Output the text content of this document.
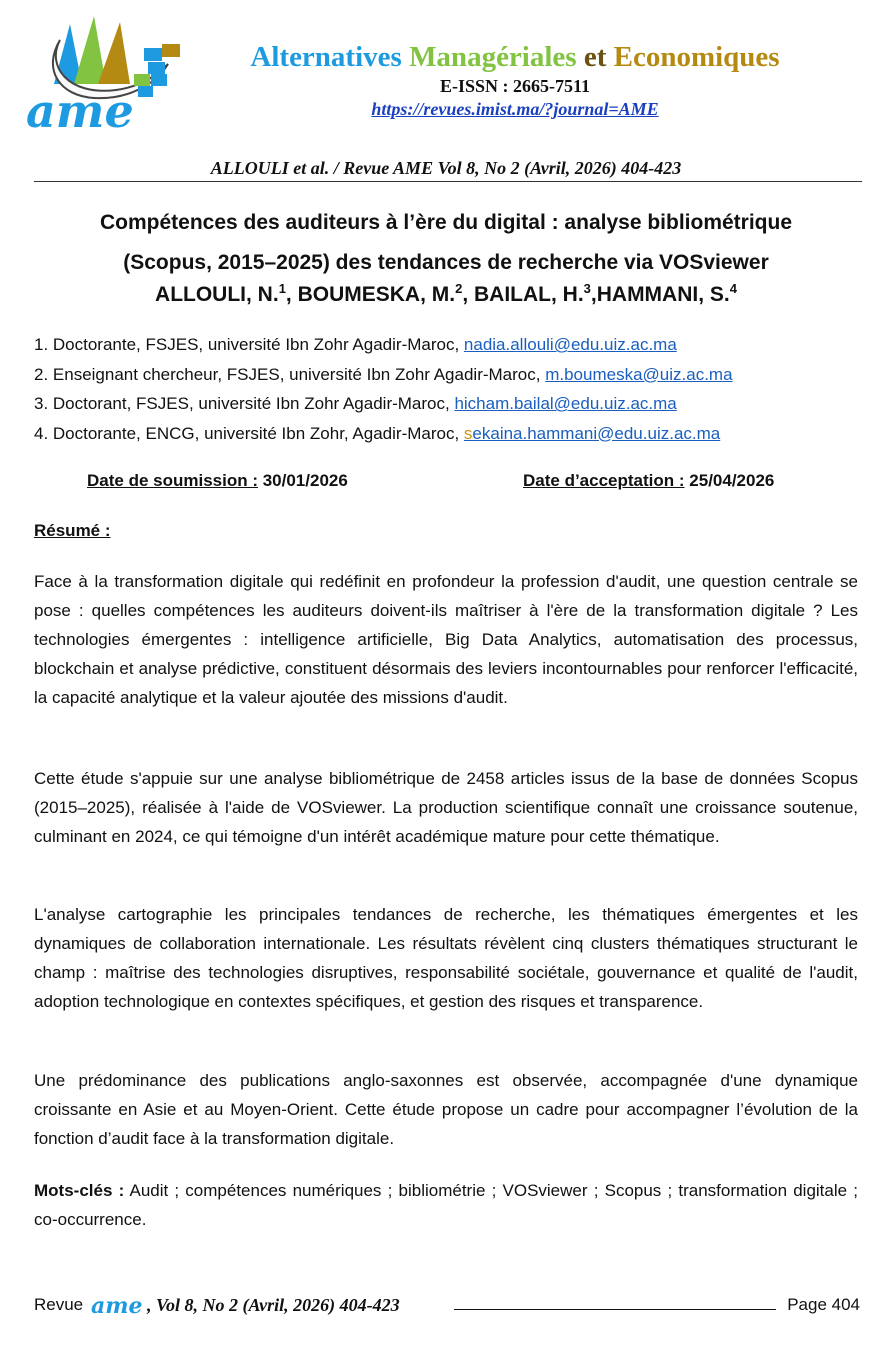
ame
Alternatives Managériales et Economiques
E-ISSN : 2665-7511
https://revues.imist.ma/?journal=AME
ALLOULI et al. / Revue AME Vol 8, No 2 (Avril, 2026) 404-423
Compétences des auditeurs à l’ère du digital : analyse bibliométrique
(Scopus, 2015–2025) des tendances de recherche via VOSviewer
ALLOULI, N.$^1$, BOUMESKA, M.$^2$, BAILAL, H.$^3$,HAMMANI, S.$^4$
1. Doctorante, FSJES, université Ibn Zohr Agadir-Maroc, nadia.allouli@edu.uiz.ac.ma
2. Enseignant chercheur, FSJES, université Ibn Zohr Agadir-Maroc, m.boumeska@uiz.ac.ma
3. Doctorant, FSJES, université Ibn Zohr Agadir-Maroc, hicham.bailal@edu.uiz.ac.ma
4. Doctorante, ENCG, université Ibn Zohr, Agadir-Maroc, sekaina.hammani@edu.uiz.ac.ma
Date de soumission : 30/01/2026	Date d’acceptation : 25/04/2026
Résumé :

Face à la transformation digitale qui redéfinit en profondeur la profession d'audit, une question centrale se pose : quelles compétences les auditeurs doivent-ils maîtriser à l'ère de la transformation digitale ? Les technologies émergentes : intelligence artificielle, Big Data Analytics, automatisation des processus, blockchain et analyse prédictive, constituent désormais des leviers incontournables pour renforcer l'efficacité, la capacité analytique et la valeur ajoutée des missions d'audit.

Cette étude s'appuie sur une analyse bibliométrique de 2458 articles issus de la base de données Scopus (2015–2025), réalisée à l'aide de VOSviewer. La production scientifique connaît une croissance soutenue, culminant en 2024, ce qui témoigne d'un intérêt académique mature pour cette thématique.

L'analyse cartographie les principales tendances de recherche, les thématiques émergentes et les dynamiques de collaboration internationale. Les résultats révèlent cinq clusters thématiques structurant le champ : maîtrise des technologies disruptives, responsabilité sociétale, gouvernance et qualité de l'audit, adoption technologique en contextes spécifiques, et gestion des risques et transparence.

Une prédominance des publications anglo-saxonnes est observée, accompagnée d'une dynamique croissante en Asie et au Moyen-Orient. Cette étude propose un cadre pour accompagner l’évolution de la fonction d’audit face à la transformation digitale.

Mots-clés : Audit ; compétences numériques ; bibliométrie ; VOSviewer ; Scopus ; transformation digitale ; co-occurrence.

Revue ame , Vol 8, No 2 (Avril, 2026) 404-423	Page 404
